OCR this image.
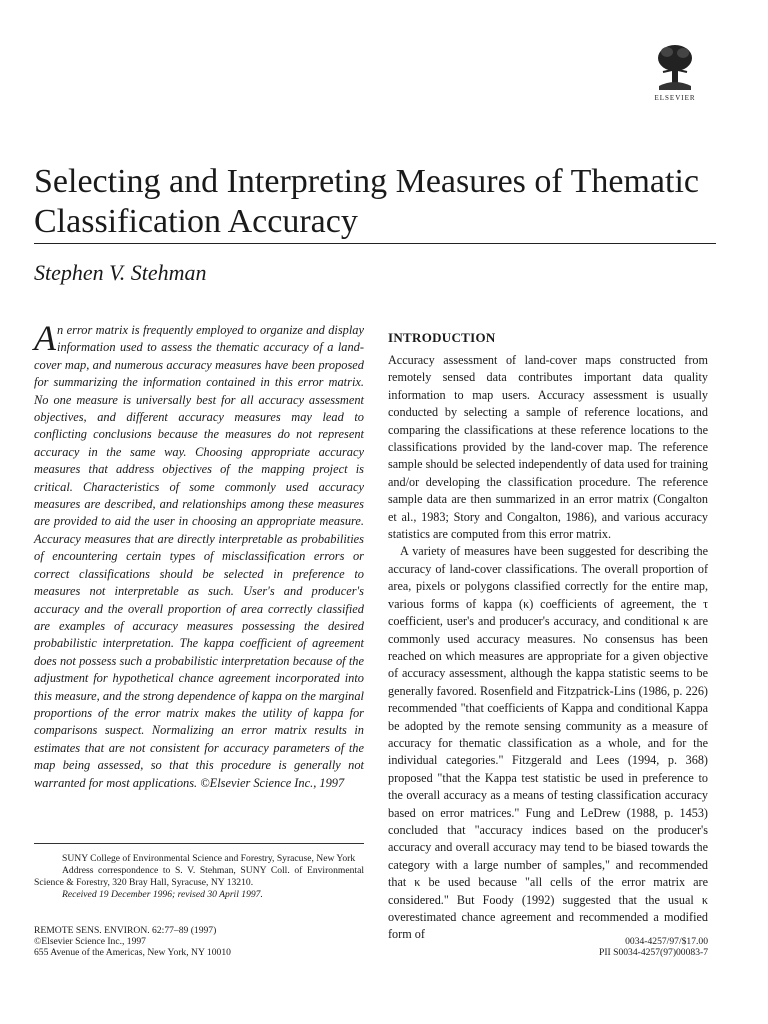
ELSEVIER
Selecting and Interpreting Measures of Thematic Classification Accuracy
Stephen V. Stehman

An error matrix is frequently employed to organize and display information used to assess the thematic accuracy of a land-cover map, and numerous accuracy measures have been proposed for summarizing the information contained in this error matrix. No one measure is universally best for all accuracy assessment objectives, and different accuracy measures may lead to conflicting conclusions because the measures do not represent accuracy in the same way. Choosing appropriate accuracy measures that address objectives of the mapping project is critical. Characteristics of some commonly used accuracy measures are described, and relationships among these measures are provided to aid the user in choosing an appropriate measure. Accuracy measures that are directly interpretable as probabilities of encountering certain types of misclassification errors or correct classifications should be selected in preference to measures not interpretable as such. User's and producer's accuracy and the overall proportion of area correctly classified are examples of accuracy measures possessing the desired probabilistic interpretation. The kappa coefficient of agreement does not possess such a probabilistic interpretation because of the adjustment for hypothetical chance agreement incorporated into this measure, and the strong dependence of kappa on the marginal proportions of the error matrix makes the utility of kappa for comparisons suspect. Normalizing an error matrix results in estimates that are not consistent for accuracy parameters of the map being assessed, so that this procedure is generally not warranted for most applications. ©Elsevier Science Inc., 1997

SUNY College of Environmental Science and Forestry, Syracuse, New York

Address correspondence to S. V. Stehman, SUNY Coll. of Environmental Science & Forestry, 320 Bray Hall, Syracuse, NY 13210.

Received 19 December 1996; revised 30 April 1997.

REMOTE SENS. ENVIRON. 62:77–89 (1997)
©Elsevier Science Inc., 1997
655 Avenue of the Americas, New York, NY 10010
0034-4257/97/$17.00
PII S0034-4257(97)00083-7
INTRODUCTION

Accuracy assessment of land-cover maps constructed from remotely sensed data contributes important data quality information to map users. Accuracy assessment is usually conducted by selecting a sample of reference locations, and comparing the classifications at these reference locations to the classifications provided by the land-cover map. The reference sample should be selected independently of data used for training and/or developing the classification procedure. The reference sample data are then summarized in an error matrix (Congalton et al., 1983; Story and Congalton, 1986), and various accuracy statistics are computed from this error matrix.

A variety of measures have been suggested for describing the accuracy of land-cover classifications. The overall proportion of area, pixels or polygons classified correctly for the entire map, various forms of kappa (κ) coefficients of agreement, the τ coefficient, user's and producer's accuracy, and conditional κ are commonly used accuracy measures. No consensus has been reached on which measures are appropriate for a given objective of accuracy assessment, although the kappa statistic seems to be generally favored. Rosenfield and Fitzpatrick-Lins (1986, p. 226) recommended "that coefficients of Kappa and conditional Kappa be adopted by the remote sensing community as a measure of accuracy for thematic classification as a whole, and for the individual categories." Fitzgerald and Lees (1994, p. 368) proposed "that the Kappa test statistic be used in preference to the overall accuracy as a means of testing classification accuracy based on error matrices." Fung and LeDrew (1988, p. 1453) concluded that "accuracy indices based on the producer's accuracy and overall accuracy may tend to be biased towards the category with a large number of samples," and recommended that κ be used because "all cells of the error matrix are considered." But Foody (1992) suggested that the usual κ overestimated chance agreement and recommended a modified form of
